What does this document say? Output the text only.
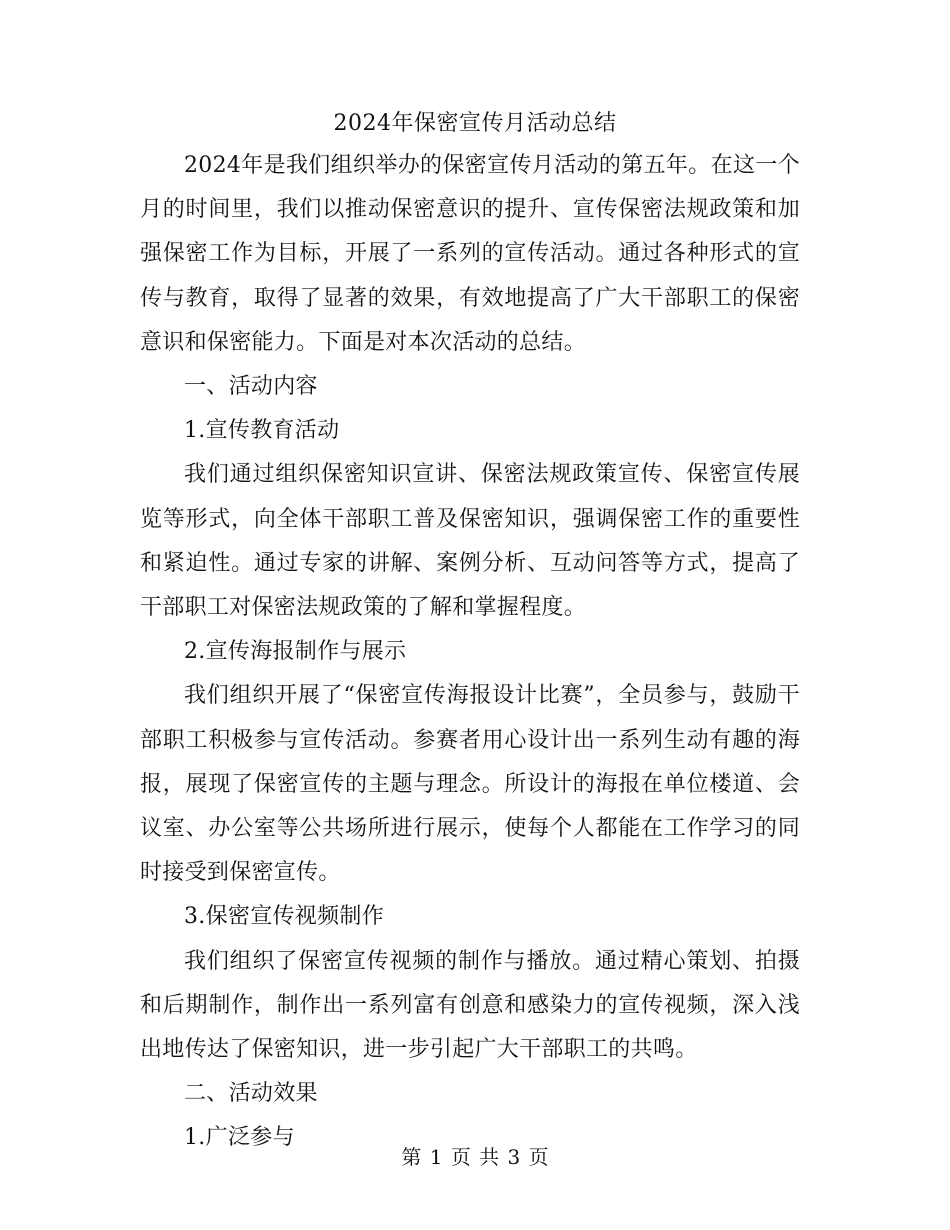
2024年保密宣传月活动总结

2024年是我们组织举办的保密宣传月活动的第五年。在这一个月的时间里，我们以推动保密意识的提升、宣传保密法规政策和加强保密工作为目标，开展了一系列的宣传活动。通过各种形式的宣传与教育，取得了显著的效果，有效地提高了广大干部职工的保密意识和保密能力。下面是对本次活动的总结。

一、活动内容

1.宣传教育活动

我们通过组织保密知识宣讲、保密法规政策宣传、保密宣传展览等形式，向全体干部职工普及保密知识，强调保密工作的重要性和紧迫性。通过专家的讲解、案例分析、互动问答等方式，提高了干部职工对保密法规政策的了解和掌握程度。

2.宣传海报制作与展示

我们组织开展了“保密宣传海报设计比赛”，全员参与，鼓励干部职工积极参与宣传活动。参赛者用心设计出一系列生动有趣的海报，展现了保密宣传的主题与理念。所设计的海报在单位楼道、会议室、办公室等公共场所进行展示，使每个人都能在工作学习的同时接受到保密宣传。

3.保密宣传视频制作

我们组织了保密宣传视频的制作与播放。通过精心策划、拍摄和后期制作，制作出一系列富有创意和感染力的宣传视频，深入浅出地传达了保密知识，进一步引起广大干部职工的共鸣。

二、活动效果

1.广泛参与

第 1 页 共 3 页
